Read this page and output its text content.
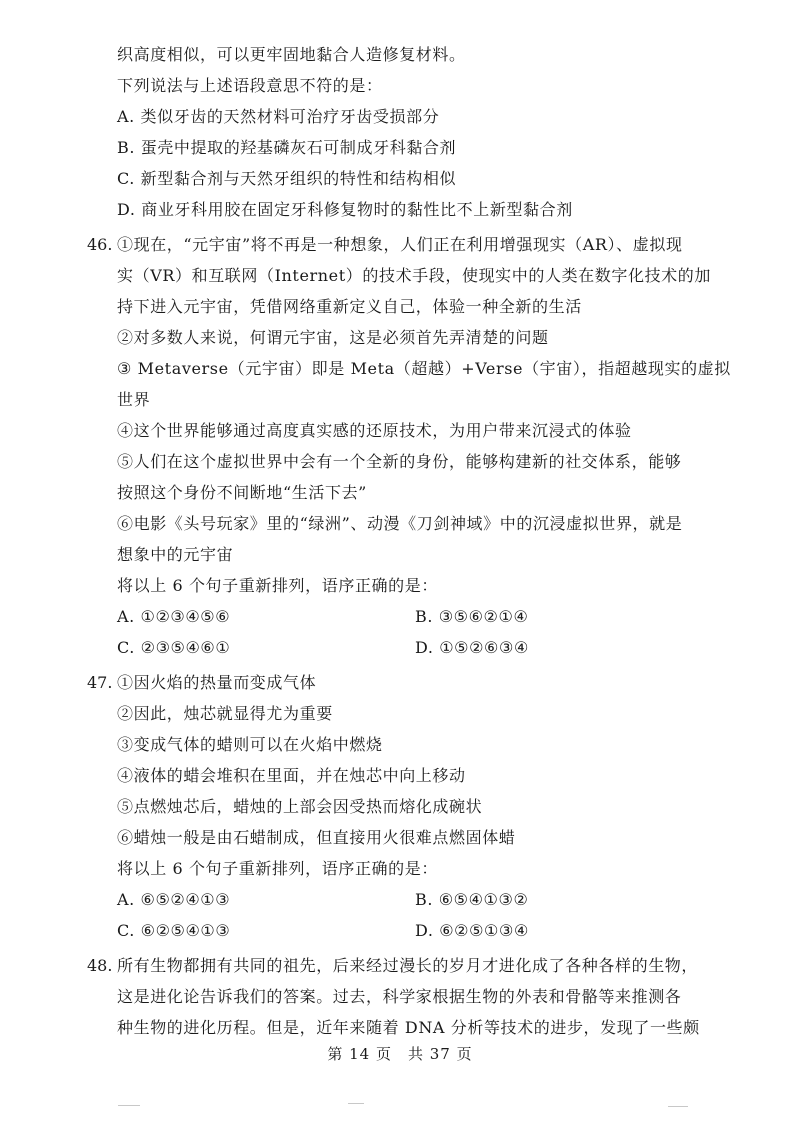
织高度相似，可以更牢固地黏合人造修复材料。
下列说法与上述语段意思不符的是：
A. 类似牙齿的天然材料可治疗牙齿受损部分
B. 蛋壳中提取的羟基磷灰石可制成牙科黏合剂
C. 新型黏合剂与天然牙组织的特性和结构相似
D. 商业牙科用胶在固定牙科修复物时的黏性比不上新型黏合剂
46. ①现在，“元宇宙”将不再是一种想象，人们正在利用增强现实（AR）、虚拟现
实（VR）和互联网（Internet）的技术手段，使现实中的人类在数字化技术的加
持下进入元宇宙，凭借网络重新定义自己，体验一种全新的生活
②对多数人来说，何谓元宇宙，这是必须首先弄清楚的问题
③ Metaverse（元宇宙）即是 Meta（超越）+Verse（宇宙），指超越现实的虚拟
世界
④这个世界能够通过高度真实感的还原技术，为用户带来沉浸式的体验
⑤人们在这个虚拟世界中会有一个全新的身份，能够构建新的社交体系，能够
按照这个身份不间断地“生活下去”
⑥电影《头号玩家》里的“绿洲”、动漫《刀剑神域》中的沉浸虚拟世界，就是
想象中的元宇宙
将以上 6 个句子重新排列，语序正确的是：
A. ①②③④⑤⑥	B. ③⑤⑥②①④
C. ②③⑤④⑥①	D. ①⑤②⑥③④
47. ①因火焰的热量而变成气体
②因此，烛芯就显得尤为重要
③变成气体的蜡则可以在火焰中燃烧
④液体的蜡会堆积在里面，并在烛芯中向上移动
⑤点燃烛芯后，蜡烛的上部会因受热而熔化成碗状
⑥蜡烛一般是由石蜡制成，但直接用火很难点燃固体蜡
将以上 6 个句子重新排列，语序正确的是：
A. ⑥⑤②④①③	B. ⑥⑤④①③②
C. ⑥②⑤④①③	D. ⑥②⑤①③④
48. 所有生物都拥有共同的祖先，后来经过漫长的岁月才进化成了各种各样的生物，
这是进化论告诉我们的答案。过去，科学家根据生物的外表和骨骼等来推测各
种生物的进化历程。但是，近年来随着 DNA 分析等技术的进步，发现了一些颇
第 14 页　共 37 页
